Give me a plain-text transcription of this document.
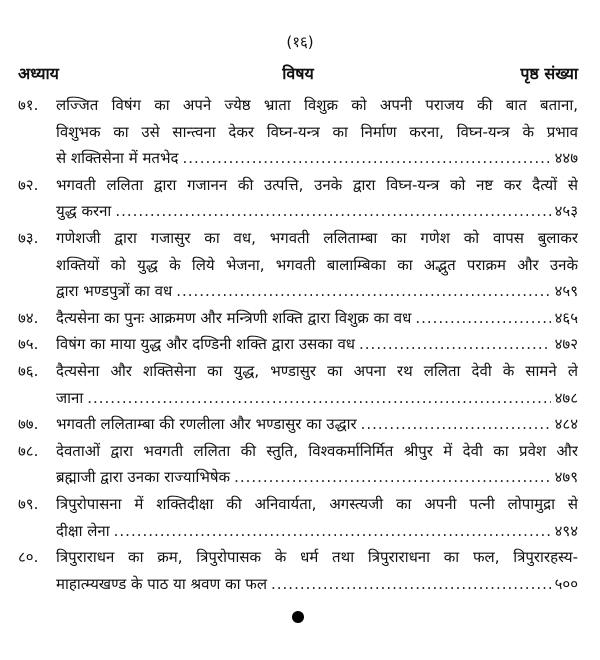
(१६)
अध्याय	विषय	पृष्ठ संख्या
७१.	लज्जित विषंग का अपने ज्येष्ठ भ्राता विशुक्र को अपनी पराजय की बात बताना,
विशुभक का उसे सान्त्वना देकर विघ्न-यन्त्र का निर्माण करना, विघ्न-यन्त्र के प्रभाव
से शक्तिसेना में मतभेद .....	४४७
७२.	भगवती ललिता द्वारा गजानन की उत्पत्ति, उनके द्वारा विघ्न-यन्त्र को नष्ट कर दैत्यों से
युद्ध करना .....	४५३
७३.	गणेशजी द्वारा गजासुर का वध, भगवती ललिताम्बा का गणेश को वापस बुलाकर
शक्तियों को युद्ध के लिये भेजना, भगवती बालाम्बिका का अद्भुत पराक्रम और उनके
द्वारा भण्डपुत्रों का वध .....	४५९
७४.	दैत्यसेना का पुनः आक्रमण और मन्त्रिणी शक्ति द्वारा विशुक्र का वध .....	४६५
७५.	विषंग का माया युद्ध और दण्डिनी शक्ति द्वारा उसका वध .....	४७२
७६.	दैत्यसेना और शक्तिसेना का युद्ध, भण्डासुर का अपना रथ ललिता देवी के सामने ले
जाना .....	४७८
७७.	भगवती ललिताम्बा की रणलीला और भण्डासुर का उद्धार .....	४८४
७८.	देवताओं द्वारा भवगती ललिता की स्तुति, विश्वकर्मानिर्मित श्रीपुर में देवी का प्रवेश और
ब्रह्माजी द्वारा उनका राज्याभिषेक .....	४७९
७९.	त्रिपुरोपासना में शक्तिदीक्षा की अनिवार्यता, अगस्त्यजी का अपनी पत्नी लोपामुद्रा से
दीक्षा लेना .....	४९४
८०.	त्रिपुराराधन का क्रम, त्रिपुरोपासक के धर्म तथा त्रिपुराराधना का फल, त्रिपुरारहस्य-
माहात्म्यखण्ड के पाठ या श्रवण का फल .....	५००
